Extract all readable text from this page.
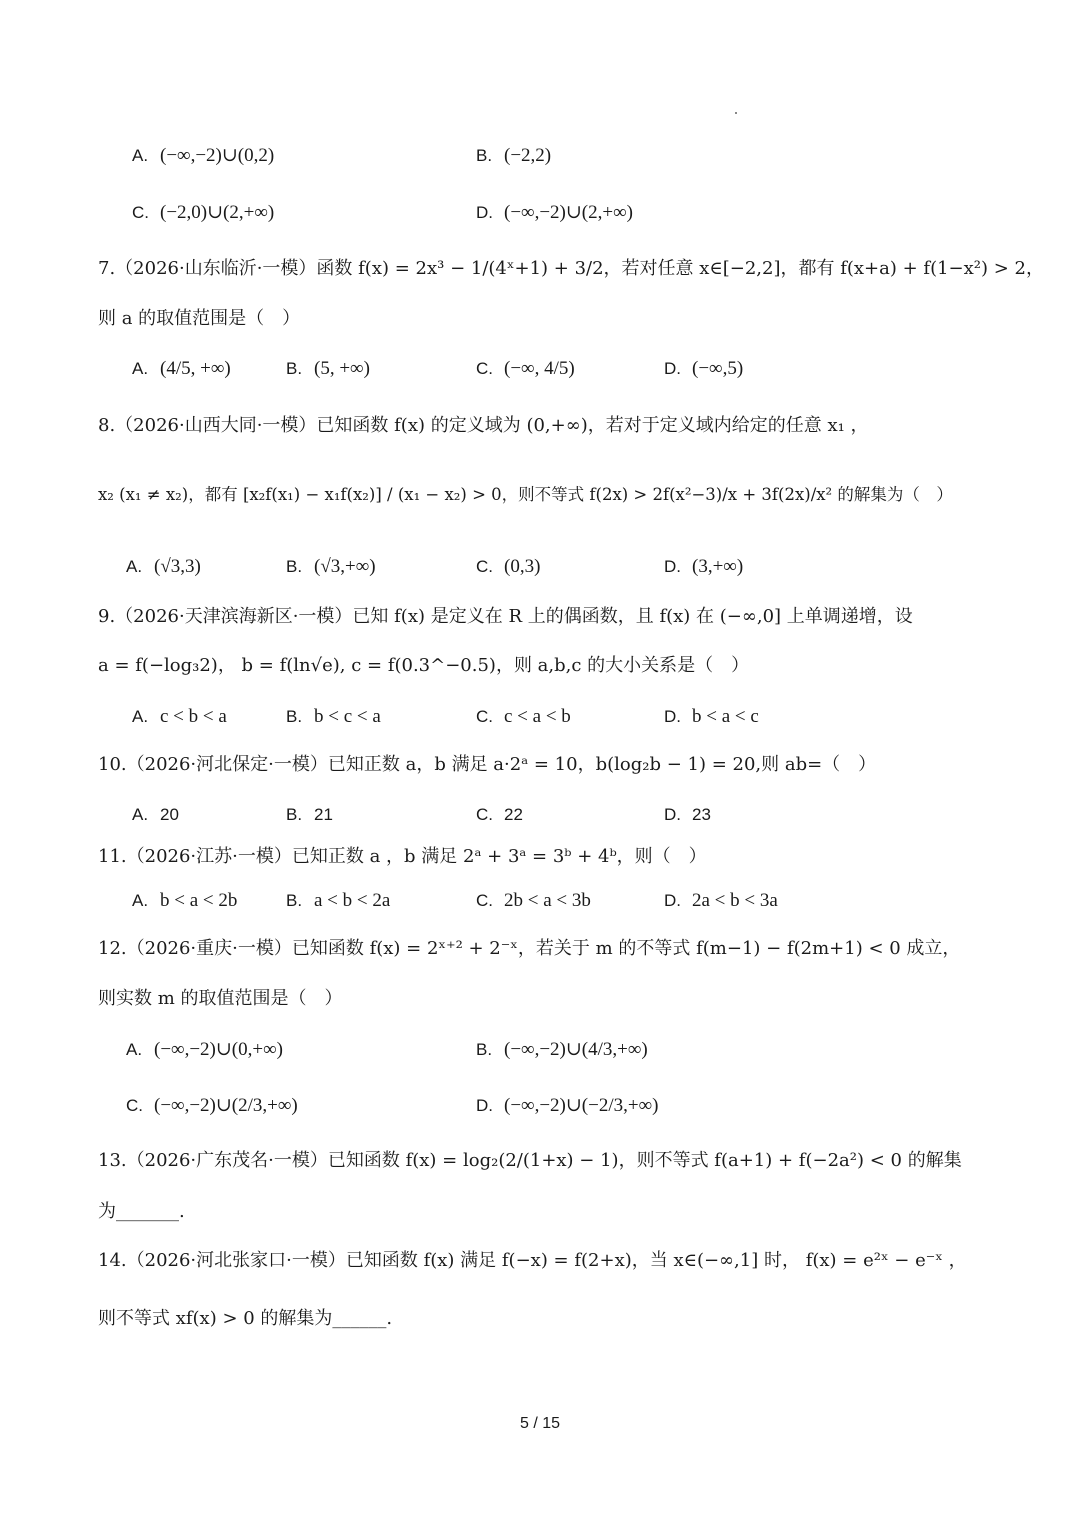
A. (−∞,−2)∪(0,2)	B. (−2,2)
C. (−2,0)∪(2,+∞)	D. (−∞,−2)∪(2,+∞)
7.（2026·山东临沂·一模）函数 f(x) = 2x³ − 1/(4ˣ+1) + 3/2，若对任意 x∈[−2,2]，都有 f(x+a) + f(1−x²) > 2，
则 a 的取值范围是（　）
A. (4/5, +∞)	B. (5, +∞)	C. (−∞, 4/5)	D. (−∞,5)
8.（2026·山西大同·一模）已知函数 f(x) 的定义域为 (0,+∞)，若对于定义域内给定的任意 x₁ ，
x₂ (x₁ ≠ x₂)，都有 [x₂f(x₁) − x₁f(x₂)] / (x₁ − x₂) > 0，则不等式 f(2x) > 2f(x²−3)/x + 3f(2x)/x² 的解集为（　）
A. (√3,3)	B. (√3,+∞)	C. (0,3)	D. (3,+∞)
9.（2026·天津滨海新区·一模）已知 f(x) 是定义在 R 上的偶函数，且 f(x) 在 (−∞,0] 上单调递增，设
a = f(−log₃2)， b = f(ln√e), c = f(0.3^−0.5)，则 a,b,c 的大小关系是（　）
A. c < b < a	B. b < c < a	C. c < a < b	D. b < a < c
10.（2026·河北保定·一模）已知正数 a，b 满足 a·2ᵃ = 10，b(log₂b − 1) = 20,则 ab=（　）
A. 20	B. 21	C. 22	D. 23
11.（2026·江苏·一模）已知正数 a ，b 满足 2ᵃ + 3ᵃ = 3ᵇ + 4ᵇ，则（　）
A. b < a < 2b	B. a < b < 2a	C. 2b < a < 3b	D. 2a < b < 3a
12.（2026·重庆·一模）已知函数 f(x) = 2ˣ⁺² + 2⁻ˣ，若关于 m 的不等式 f(m−1) − f(2m+1) < 0 成立，
则实数 m 的取值范围是（　）
A. (−∞,−2)∪(0,+∞)	B. (−∞,−2)∪(4/3,+∞)
C. (−∞,−2)∪(2/3,+∞)	D. (−∞,−2)∪(−2/3,+∞)
13.（2026·广东茂名·一模）已知函数 f(x) = log₂(2/(1+x) − 1)，则不等式 f(a+1) + f(−2a²) < 0 的解集
为_______.
14.（2026·河北张家口·一模）已知函数 f(x) 满足 f(−x) = f(2+x)，当 x∈(−∞,1] 时， f(x) = e²ˣ − e⁻ˣ ，
则不等式 xf(x) > 0 的解集为______.
5 / 15
